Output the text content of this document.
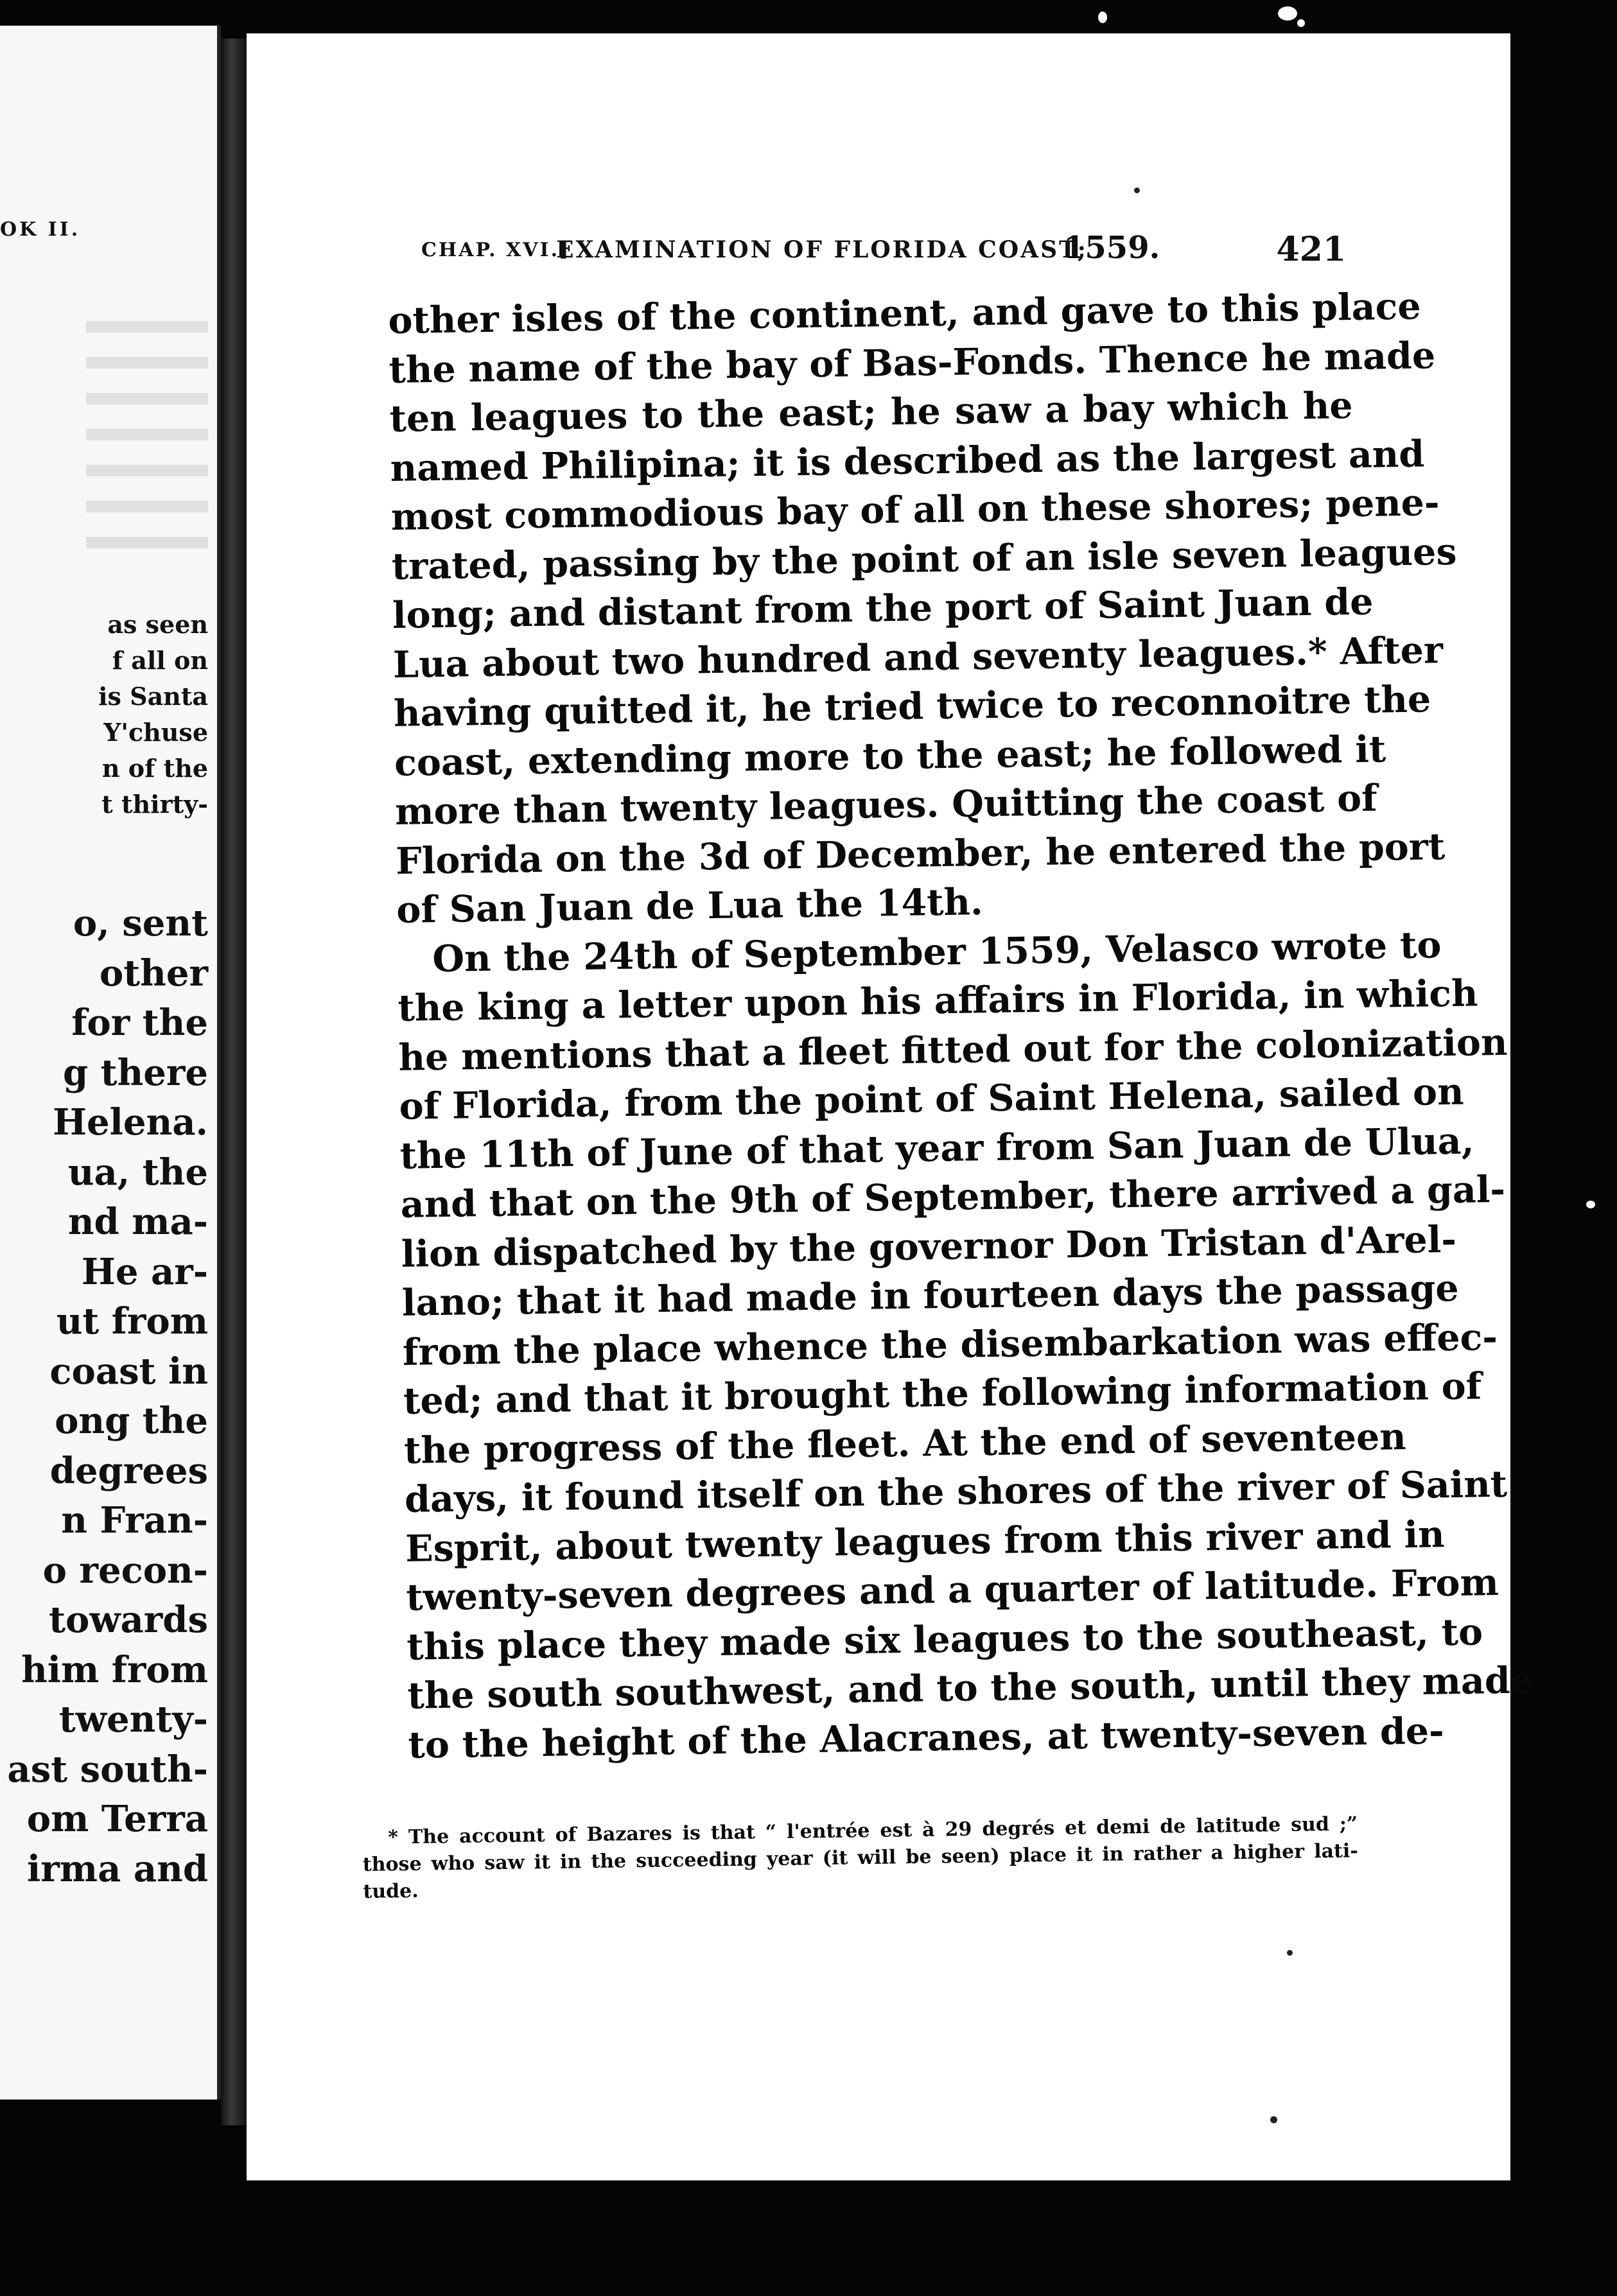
OK II.
as seen
f all on
is Santa
Y'chuse
n of the
t thirty-
o, sent
other
for the
g there
Helena.
ua, the
nd ma-
He ar-
ut from
coast in
ong the
degrees
n Fran-
o recon-
towards
him from
twenty-
ast south-
om Terra
irma and
CHAP. XVI.]
EXAMINATION OF FLORIDA COAST;
1559.	421
other isles of the continent, and gave to this place
the name of the bay of Bas-Fonds. Thence he made
ten leagues to the east; he saw a bay which he
named Philipina; it is described as the largest and
most commodious bay of all on these shores; pene-
trated, passing by the point of an isle seven leagues
long; and distant from the port of Saint Juan de
Lua about two hundred and seventy leagues.* After
having quitted it, he tried twice to reconnoitre the
coast, extending more to the east; he followed it
more than twenty leagues. Quitting the coast of
Florida on the 3d of December, he entered the port
of San Juan de Lua the 14th.
On the 24th of September 1559, Velasco wrote to
the king a letter upon his affairs in Florida, in which
he mentions that a fleet fitted out for the colonization
of Florida, from the point of Saint Helena, sailed on
the 11th of June of that year from San Juan de Ulua,
and that on the 9th of September, there arrived a gal-
lion dispatched by the governor Don Tristan d'Arel-
lano; that it had made in fourteen days the passage
from the place whence the disembarkation was effec-
ted; and that it brought the following information of
the progress of the fleet. At the end of seventeen
days, it found itself on the shores of the river of Saint
Esprit, about twenty leagues from this river and in
twenty-seven degrees and a quarter of latitude. From
this place they made six leagues to the southeast, to
the south southwest, and to the south, until they made
to the height of the Alacranes, at twenty-seven de-
* The account of Bazares is that “ l'entrée est à 29 degrés et demi de latitude sud ;”
those who saw it in the succeeding year (it will be seen) place it in rather a higher lati-
tude.
